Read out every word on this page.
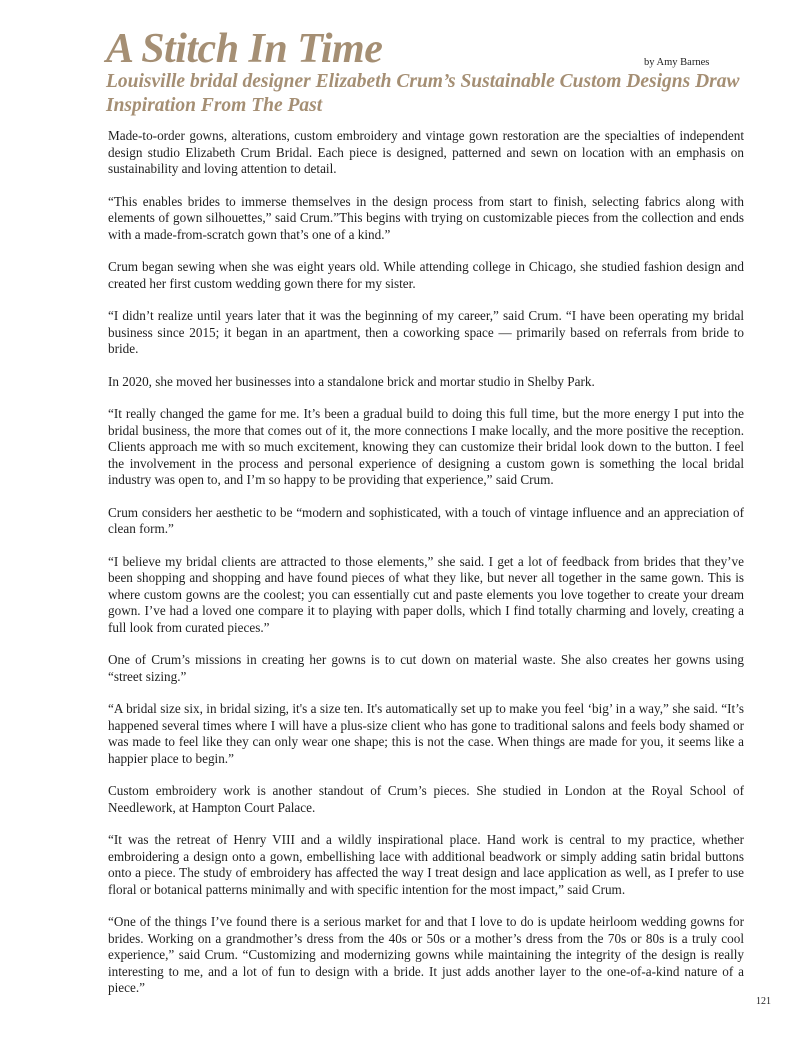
A Stitch In Time	by Amy Barnes
Louisville bridal designer Elizabeth Crum’s Sustainable Custom Designs Draw Inspiration From The Past

Made-to-order gowns, alterations, custom embroidery and vintage gown restoration are the specialties of independent design studio Elizabeth Crum Bridal. Each piece is designed, patterned and sewn on location with an emphasis on sustainability and loving attention to detail.

“This enables brides to immerse themselves in the design process from start to finish, selecting fabrics along with elements of gown silhouettes,” said Crum.”This begins with trying on customizable pieces from the collection and ends with a made-from-scratch gown that’s one of a kind.”

Crum began sewing when she was eight years old. While attending college in Chicago, she studied fashion design and created her first custom wedding gown there for my sister.

“I didn’t realize until years later that it was the beginning of my career,” said Crum. “I have been operating my bridal business since 2015; it began in an apartment, then a coworking space — primarily based on referrals from bride to bride.

In 2020, she moved her businesses into a standalone brick and mortar studio in Shelby Park.

“It really changed the game for me. It’s been a gradual build to doing this full time, but the more energy I put into the bridal business, the more that comes out of it, the more connections I make locally, and the more positive the reception. Clients approach me with so much excitement, knowing they can customize their bridal look down to the button. I feel the involvement in the process and personal experience of designing a custom gown is something the local bridal industry was open to, and I’m so happy to be providing that experience,” said Crum.

Crum considers her aesthetic to be “modern and sophisticated, with a touch of vintage influence and an appreciation of clean form.”

“I believe my bridal clients are attracted to those elements,” she said. I get a lot of feedback from brides that they’ve been shopping and shopping and have found pieces of what they like, but never all together in the same gown. This is where custom gowns are the coolest; you can essentially cut and paste elements you love together to create your dream gown. I’ve had a loved one compare it to playing with paper dolls, which I find totally charming and lovely, creating a full look from curated pieces.”

One of Crum’s missions in creating her gowns is to cut down on material waste. She also creates her gowns using “street sizing.”

“A bridal size six, in bridal sizing, it's a size ten. It's automatically set up to make you feel ‘big’ in a way,” she said. “It’s happened several times where I will have a plus-size client who has gone to traditional salons and feels body shamed or was made to feel like they can only wear one shape; this is not the case. When things are made for you, it seems like a happier place to begin.”

Custom embroidery work is another standout of Crum’s pieces. She studied in London at the Royal School of Needlework, at Hampton Court Palace.

“It was the retreat of Henry VIII and a wildly inspirational place. Hand work is central to my practice, whether embroidering a design onto a gown, embellishing lace with additional beadwork or simply adding satin bridal buttons onto a piece. The study of embroidery has affected the way I treat design and lace application as well, as I prefer to use floral or botanical patterns minimally and with specific intention for the most impact,” said Crum.

“One of the things I’ve found there is a serious market for and that I love to do is update heirloom wedding gowns for brides. Working on a grandmother’s dress from the 40s or 50s or a mother’s dress from the 70s or 80s is a truly cool experience,” said Crum. “Customizing and modernizing gowns while maintaining the integrity of the design is really interesting to me, and a lot of fun to design with a bride. It just adds another layer to the one-of-a-kind nature of a piece.”

121
